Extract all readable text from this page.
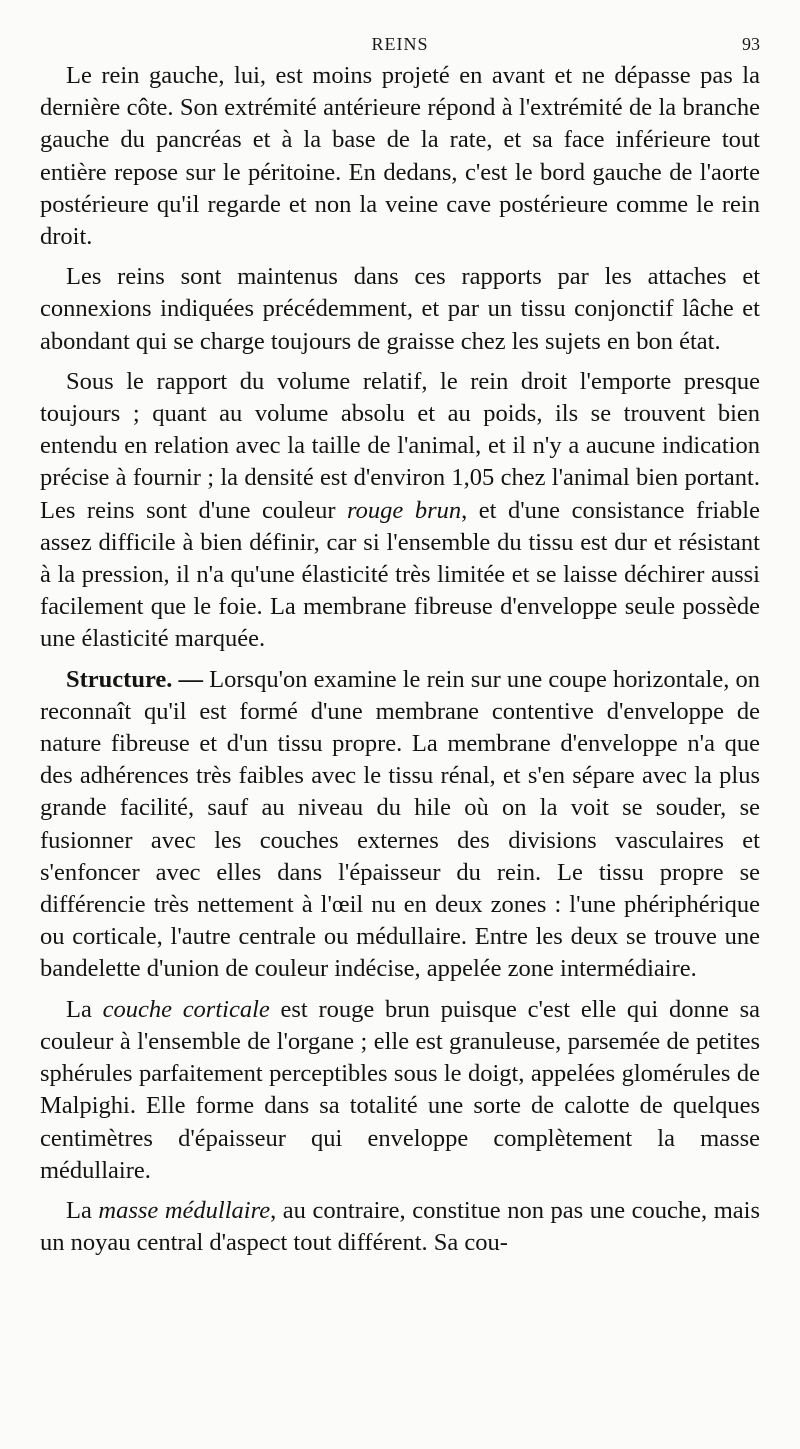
REINS	93

Le rein gauche, lui, est moins projeté en avant et ne dépasse pas la dernière côte. Son extrémité antérieure répond à l'extrémité de la branche gauche du pancréas et à la base de la rate, et sa face inférieure tout entière repose sur le péritoine. En dedans, c'est le bord gauche de l'aorte postérieure qu'il regarde et non la veine cave postérieure comme le rein droit.

Les reins sont maintenus dans ces rapports par les attaches et connexions indiquées précédemment, et par un tissu conjonctif lâche et abondant qui se charge toujours de graisse chez les sujets en bon état.

Sous le rapport du volume relatif, le rein droit l'emporte presque toujours ; quant au volume absolu et au poids, ils se trouvent bien entendu en relation avec la taille de l'animal, et il n'y a aucune indication précise à fournir ; la densité est d'environ 1,05 chez l'animal bien portant. Les reins sont d'une couleur rouge brun, et d'une consistance friable assez difficile à bien définir, car si l'ensemble du tissu est dur et résistant à la pression, il n'a qu'une élasticité très limitée et se laisse déchirer aussi facilement que le foie. La membrane fibreuse d'enveloppe seule possède une élasticité marquée.

Structure. — Lorsqu'on examine le rein sur une coupe horizontale, on reconnaît qu'il est formé d'une membrane contentive d'enveloppe de nature fibreuse et d'un tissu propre. La membrane d'enveloppe n'a que des adhérences très faibles avec le tissu rénal, et s'en sépare avec la plus grande facilité, sauf au niveau du hile où on la voit se souder, se fusionner avec les couches externes des divisions vasculaires et s'enfoncer avec elles dans l'épaisseur du rein. Le tissu propre se différencie très nettement à l'œil nu en deux zones : l'une phériphérique ou corticale, l'autre centrale ou médullaire. Entre les deux se trouve une bandelette d'union de couleur indécise, appelée zone intermédiaire.

La couche corticale est rouge brun puisque c'est elle qui donne sa couleur à l'ensemble de l'organe ; elle est granuleuse, parsemée de petites sphérules parfaitement perceptibles sous le doigt, appelées glomérules de Malpighi. Elle forme dans sa totalité une sorte de calotte de quelques centimètres d'épaisseur qui enveloppe complètement la masse médullaire.

La masse médullaire, au contraire, constitue non pas une couche, mais un noyau central d'aspect tout différent. Sa cou-
